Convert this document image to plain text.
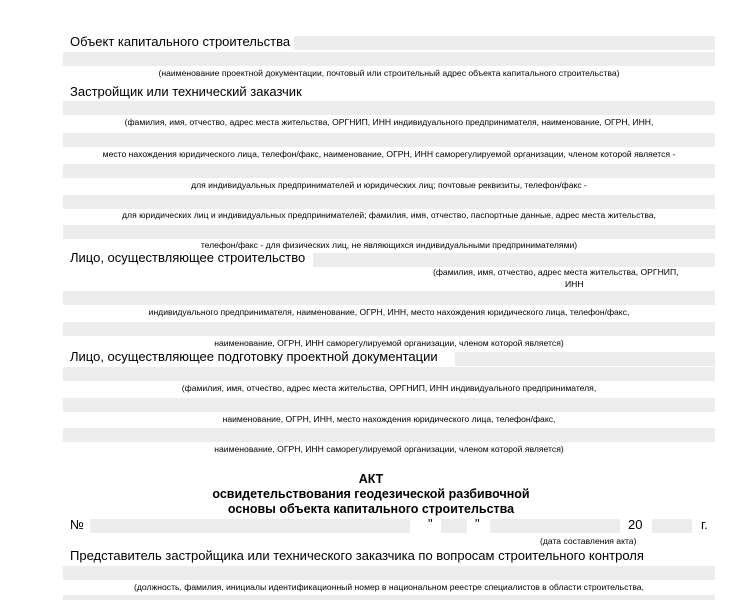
Объект капитального строительства
(наименование проектной документации, почтовый или строительный адрес объекта капитального строительства)
Застройщик или технический заказчик
(фамилия, имя, отчество, адрес места жительства, ОРГНИП, ИНН индивидуального предпринимателя, наименование, ОГРН, ИНН,
место нахождения юридического лица, телефон/факс, наименование, ОГРН, ИНН саморегулируемой организации, членом которой является -
для индивидуальных предпринимателей и юридических лиц; почтовые реквизиты, телефон/факс -
для юридических лиц и индивидуальных предпринимателей; фамилия, имя, отчество, паспортные данные, адрес места жительства,
телефон/факс - для физических лиц, не являющихся индивидуальными предпринимателями)
Лицо, осуществляющее строительство
(фамилия, имя, отчество, адрес места жительства, ОРГНИП,
ИНН
индивидуального предпринимателя, наименование, ОГРН, ИНН, место нахождения юридического лица, телефон/факс,
наименование, ОГРН, ИНН саморегулируемой организации, членом которой является)
Лицо, осуществляющее подготовку проектной документации
(фамилия, имя, отчество, адрес места жительства, ОРГНИП, ИНН индивидуального предпринимателя,
наименование, ОГРН, ИНН, место нахождения юридического лица, телефон/факс,
наименование, ОГРН, ИНН саморегулируемой организации, членом которой является)
АКТ
освидетельствования геодезической разбивочной
основы объекта капитального строительства
№	"	"	20	г.
(дата составления акта)
Представитель застройщика или технического заказчика по вопросам строительного контроля
(должность, фамилия, инициалы идентификационный номер в национальном реестре специалистов в области строительства,
